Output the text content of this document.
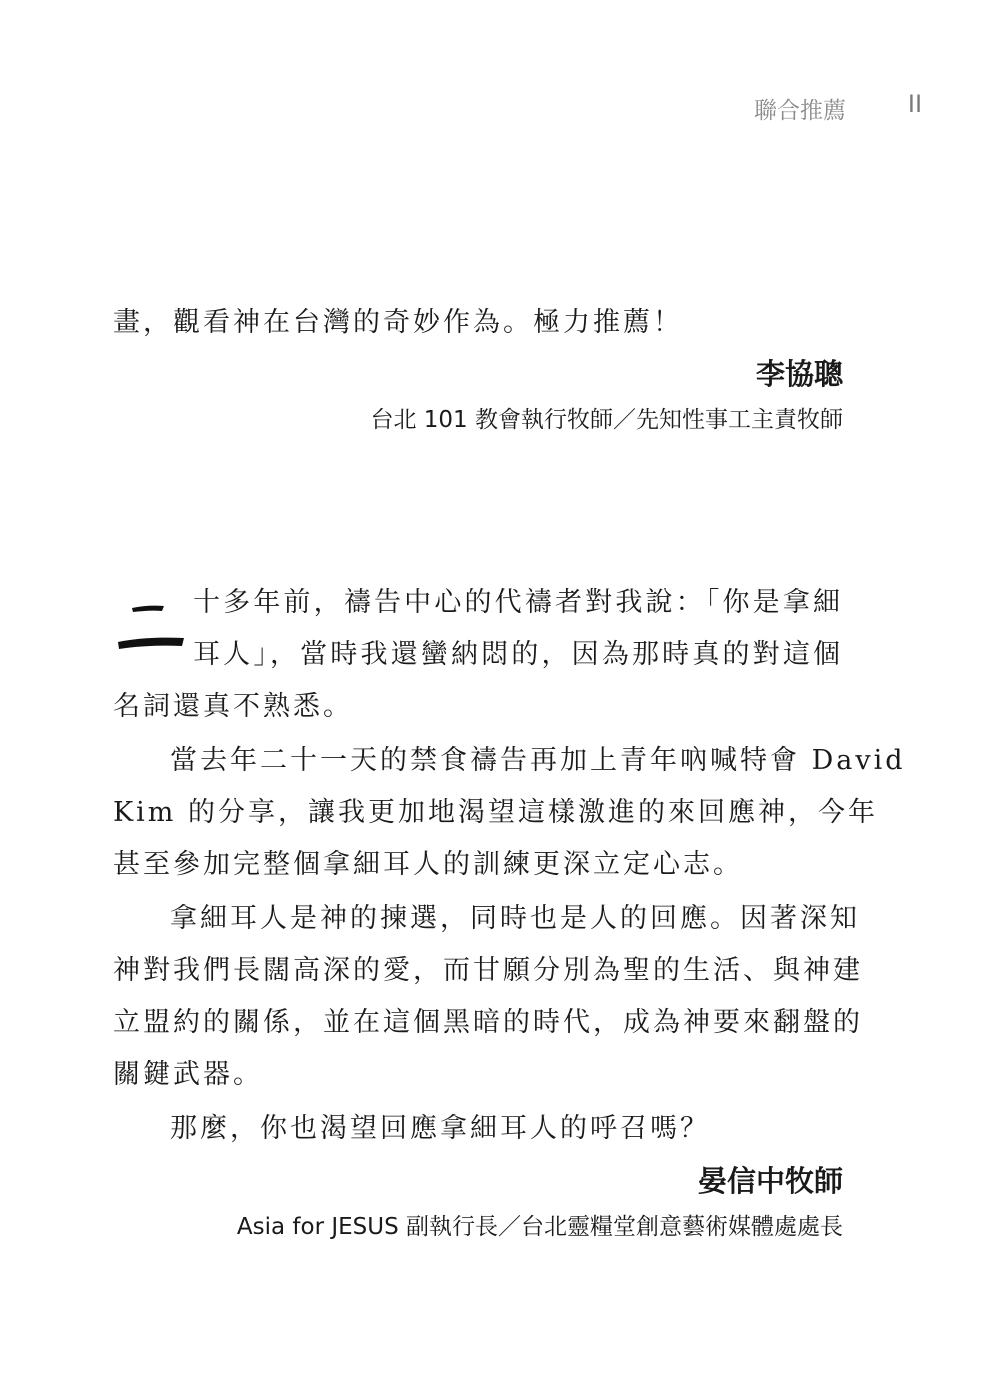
聯合推薦	II
畫，觀看神在台灣的奇妙作為。極力推薦！
李協聰
台北 101 教會執行牧師／先知性事工主責牧師
十多年前，禱告中心的代禱者對我說：「你是拿細
耳人」，當時我還蠻納悶的，因為那時真的對這個
名詞還真不熟悉。
當去年二十一天的禁食禱告再加上青年吶喊特會 David
Kim 的分享，讓我更加地渴望這樣激進的來回應神，今年
甚至參加完整個拿細耳人的訓練更深立定心志。
拿細耳人是神的揀選，同時也是人的回應。因著深知
神對我們長闊高深的愛，而甘願分別為聖的生活、與神建
立盟約的關係，並在這個黑暗的時代，成為神要來翻盤的
關鍵武器。
那麼，你也渴望回應拿細耳人的呼召嗎？
晏信中牧師
Asia for JESUS 副執行長／台北靈糧堂創意藝術媒體處處長
